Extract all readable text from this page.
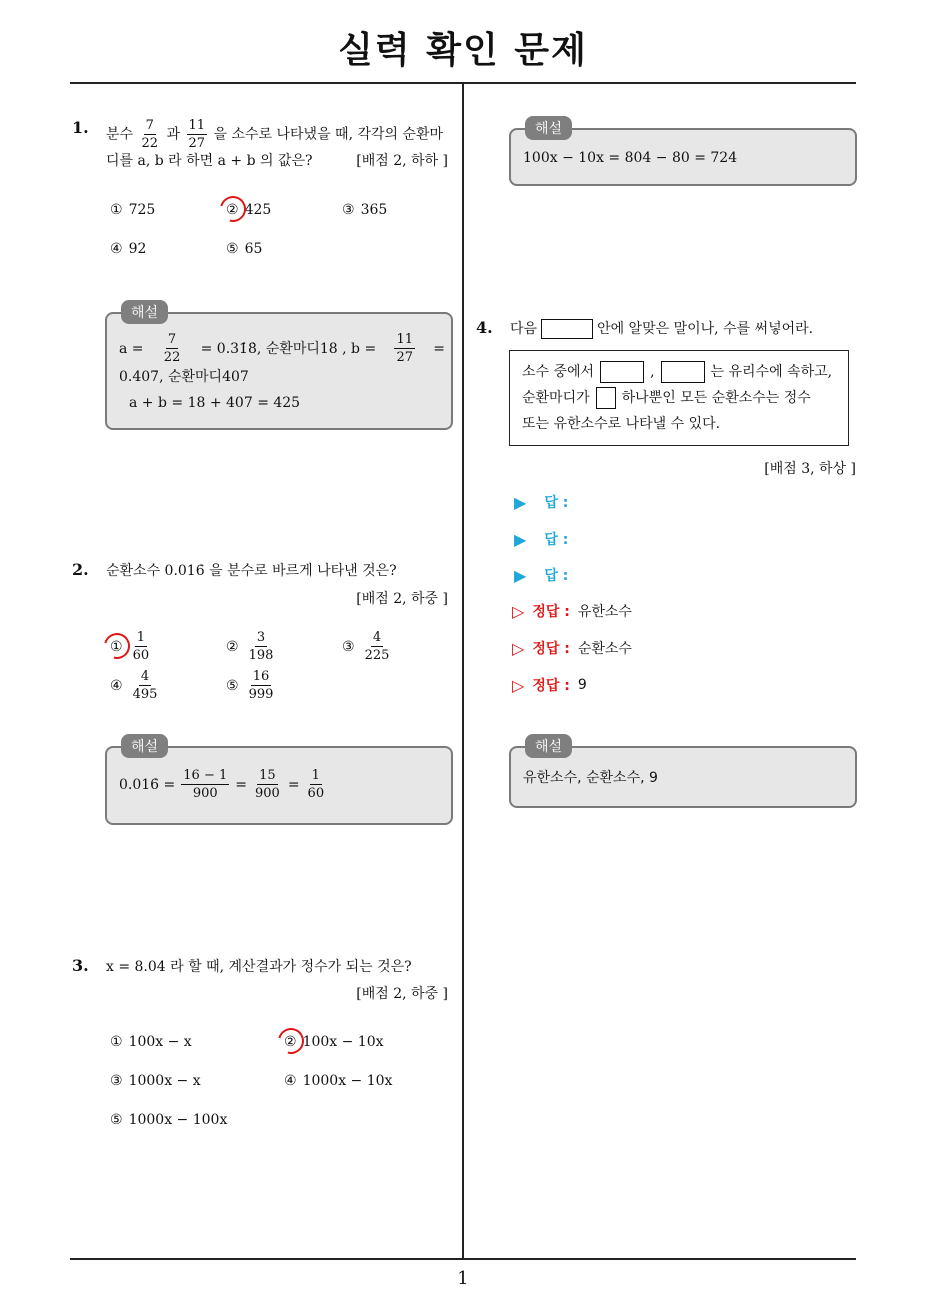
실력 확인 문제
1
1. 분수 $\frac{7}{22}$ 과 $\frac{11}{27}$ 을 소수로 나타냈을 때, 각각의 순환마
디를 a, b 라 하면 a + b 의 값은?	[배점 2, 하하 ]
① 725	② 425	③ 365
④ 92	⑤ 65
해설
$a = \frac{7}{22}$ = 0.31̇8̇, 순환마디18 , $b = \frac{11}{27}$ =
0.4̇07̇, 순환마디407
a + b = 18 + 407 = 425
2. 순환소수 0.016̇ 을 분수로 바르게 나타낸 것은?
[배점 2, 하중 ]
① $\frac{1}{60}$	② $\frac{3}{198}$	③ $\frac{4}{225}$
④ $\frac{4}{495}$	⑤ $\frac{16}{999}$
해설
0.016̇ = $\frac{16 - 1}{900} = \frac{15}{900} = \frac{1}{60}$
3. x = 8.04̇ 라 할 때, 계산결과가 정수가 되는 것은?
[배점 2, 하중 ]
① 100x − x	② 100x − 10x
③ 1000x − x	④ 1000x − 10x
⑤ 1000x − 100x
해설
100x − 10x = 804 − 80 = 724
4. 다음	안에 알맞은 말이나, 수를 써넣어라.
소수 중에서	,	는 유리수에 속하고,
순환마디가 하나뿐인 모든 순환소수는 정수
또는 유한소수로 나타낼 수 있다.
[배점 3, 하상 ]
▶ 답 :
▶ 답 :
▶ 답 :
▷ 정답 : 유한소수
▷ 정답 : 순환소수
▷ 정답 : 9
해설
유한소수, 순환소수, 9
